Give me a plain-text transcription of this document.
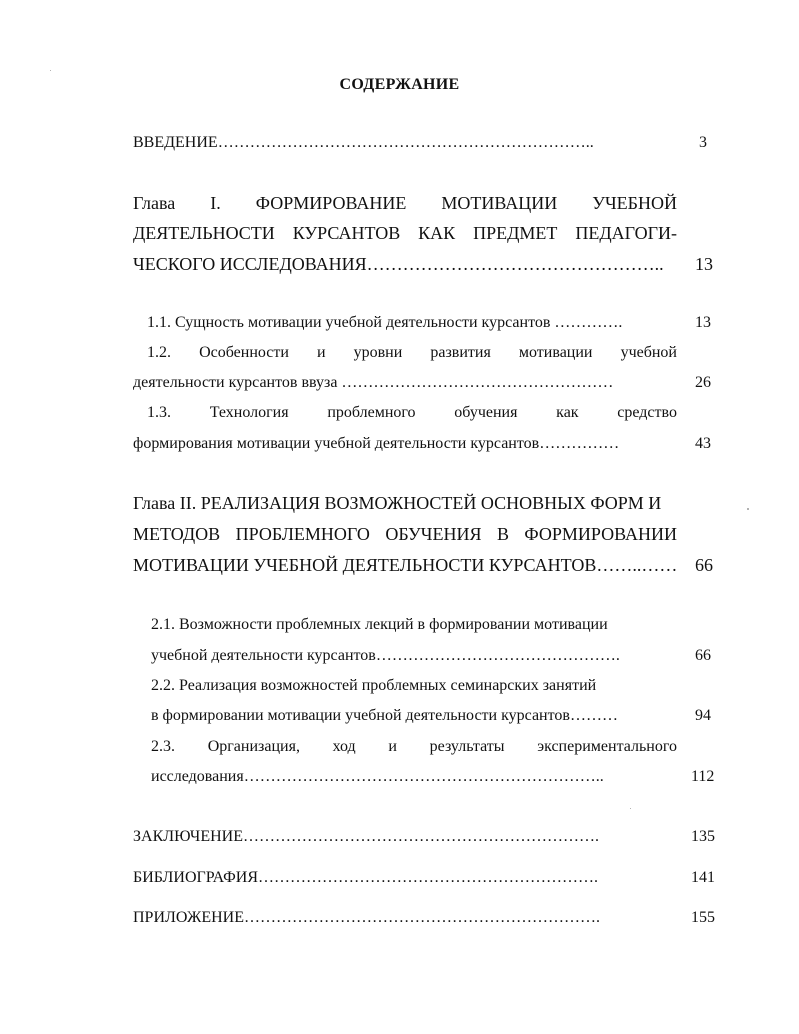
СОДЕРЖАНИЕ
ВВЕДЕНИЕ……………………………………………………………..	3
Глава I. ФОРМИРОВАНИЕ МОТИВАЦИИ УЧЕБНОЙ
ДЕЯТЕЛЬНОСТИ КУРСАНТОВ КАК ПРЕДМЕТ ПЕДАГОГИ-
ЧЕСКОГО ИССЛЕДОВАНИЯ………………………………………….. 13
1.1. Сущность мотивации учебной деятельности курсантов ………….	13
1.2. Особенности и уровни развития мотивации учебной
деятельности курсантов ввуза ……………………………………………	26
1.3. Технология проблемного обучения как средство
формирования мотивации учебной деятельности курсантов……………	43
Глава II. РЕАЛИЗАЦИЯ ВОЗМОЖНОСТЕЙ ОСНОВНЫХ ФОРМ И
МЕТОДОВ ПРОБЛЕМНОГО ОБУЧЕНИЯ В ФОРМИРОВАНИИ
МОТИВАЦИИ УЧЕБНОЙ ДЕЯТЕЛЬНОСТИ КУРСАНТОВ……..…… 66
2.1. Возможности проблемных лекций в формировании мотивации
учебной деятельности курсантов……………………………………….	66
2.2. Реализация возможностей проблемных семинарских занятий
в формировании мотивации учебной деятельности курсантов………	94
2.3. Организация, ход и результаты экспериментального
исследования…………………………………………………………..	112
ЗАКЛЮЧЕНИЕ………………………………………………………….	135
БИБЛИОГРАФИЯ……………………………………………………….	141
ПРИЛОЖЕНИЕ………………………………………………………….	155
